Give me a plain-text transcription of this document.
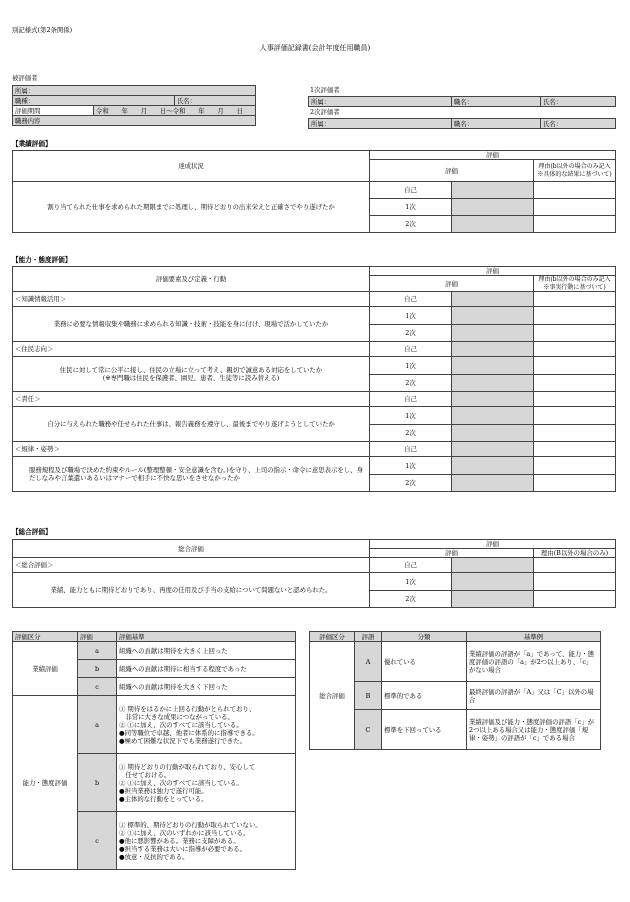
別記様式(第2条関係)
人事評価記録書(会計年度任用職員)
被評価者
所属：		
職種：		氏名：
評価期間	令和　　年　　月　　日～令和　　年　　月　　日	
職務内容		
1次評価者
所属：	職名：	氏名：
2次評価者
所属：	職名：	氏名：
【業績評価】
達成状況	評価		
	評価		理由(b以外の場合のみ記入 ※具体的な結果に基づいて)
割り当てられた仕事を求められた期限までに処理し、期待どおりの出来栄えと正確さでやり遂げたか	自己		
	1次		
	2次		
【能力・態度評価】
評価要素及び定義・行動	評価		
	評価		理由(b以外の場合のみ記入　※事実行動に基づいて)
＜知識情報活用＞	自己		
業務に必要な情報収集や職務に求められる知識・技術・技能を身に付け、現場で活かしていたか	1次		
	2次		
＜住民志向＞	自己		
住民に対して常に公平に接し、住民の立場に立って考え、親切で誠意ある対応をしていたか
(※専門職は住民を保護者、園児、患者、生徒等に読み替える)	1次		
	2次		
＜責任＞	自己		
自分に与えられた職務や任せられた仕事は、報告義務を遵守し、最後までやり遂げようとしていたか	1次		
	2次		
＜規律・姿勢＞	自己		
服務規程及び職場で決めた約束やルール(整理整頓・安全意識を含む。)を守り、上司の指示・命令に意思表示をし、身だしなみや言葉遣いあるいはマナーで相手に不快な思いをさせなかったか	1次		
	2次		
【総合評価】
総合評価	評価		
	評価		理由(B以外の場合のみ)
＜総合評価＞	自己		
業績、能力ともに期待どおりであり、再度の任用及び手当の支給について問題ないと認められた。	1次		
	2次		
評価区分	評価	評価基準
業績評価	a	組織への貢献は期待を大きく上回った
	b	組織への貢献は期待に相当する程度であった
	c	組織への貢献は期待を大きく下回った
能力・態度評価	a	① 期待をはるかに上回る行動がとられており、
　非常に大きな成果につながっている。
② ①に加え、次のすべてに該当している。
●同等職位で卓越、他者に体系的に指導できる。
●極めて困難な状況下でも業務遂行できた。

	b	① 期待どおりの行動が取られており、安心して
　任せておける。
② ①に加え、次のすべてに該当している。
●担当業務は独力で遂行可能。
●主体的な行動をとっている。

	c	① 標準的、期待どおりの行動が取られていない。
② ①に加え、次のいずれかに該当している。
●他に悪影響がある。業務に支障がある。
●担当する業務は大いに指導が必要である。
●放意・反抗的である。
評価区分	評語	分類	基準例
総合評価	A	優れている	業績評価の評語が「a」であって、能力・態度評価の評語の「a」が2つ以上あり、「c」がない場合
	B	標準的である	最終評価の評語が「A」又は「C」以外の場合
	C	標準を下回っている	業績評価及び能力・態度評価の評語「c」が2つ以上ある場合又は能力・態度評価「規律・姿勢」の評語が「c」である場合
